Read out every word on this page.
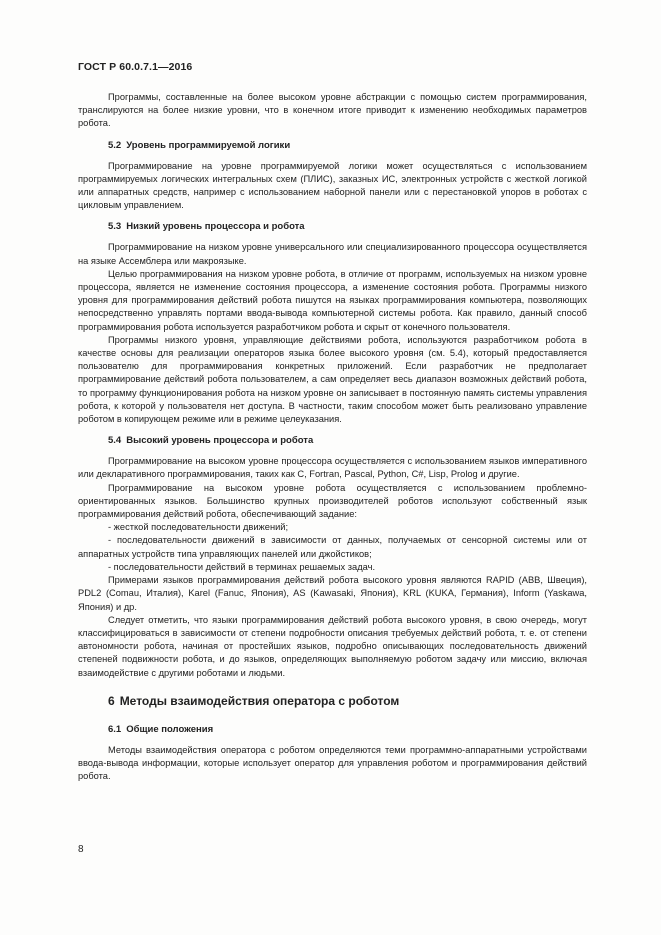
ГОСТ Р 60.0.7.1—2016

Программы, составленные на более высоком уровне абстракции с помощью систем программирования, транслируются на более низкие уровни, что в конечном итоге приводит к изменению необходимых параметров робота.

5.2 Уровень программируемой логики

Программирование на уровне программируемой логики может осуществляться с использованием программируемых логических интегральных схем (ПЛИС), заказных ИС, электронных устройств с жесткой логикой или аппаратных средств, например с использованием наборной панели или с перестановкой упоров в роботах с цикловым управлением.

5.3 Низкий уровень процессора и робота

Программирование на низком уровне универсального или специализированного процессора осуществляется на языке Ассемблера или макроязыке.

Целью программирования на низком уровне робота, в отличие от программ, используемых на низком уровне процессора, является не изменение состояния процессора, а изменение состояния робота. Программы низкого уровня для программирования действий робота пишутся на языках программирования компьютера, позволяющих непосредственно управлять портами ввода-вывода компьютерной системы робота. Как правило, данный способ программирования робота используется разработчиком робота и скрыт от конечного пользователя.

Программы низкого уровня, управляющие действиями робота, используются разработчиком робота в качестве основы для реализации операторов языка более высокого уровня (см. 5.4), который предоставляется пользователю для программирования конкретных приложений. Если разработчик не предполагает программирование действий робота пользователем, а сам определяет весь диапазон возможных действий робота, то программу функционирования робота на низком уровне он записывает в постоянную память системы управления робота, к которой у пользователя нет доступа. В частности, таким способом может быть реализовано управление роботом в копирующем режиме или в режиме целеуказания.

5.4 Высокий уровень процессора и робота

Программирование на высоком уровне процессора осуществляется с использованием языков императивного или декларативного программирования, таких как C, Fortran, Pascal, Python, C#, Lisp, Prolog и другие.

Программирование на высоком уровне робота осуществляется с использованием проблемно-ориентированных языков. Большинство крупных производителей роботов используют собственный язык программирования действий робота, обеспечивающий задание:

- жесткой последовательности движений;

- последовательности движений в зависимости от данных, получаемых от сенсорной системы или от аппаратных устройств типа управляющих панелей или джойстиков;

- последовательности действий в терминах решаемых задач.

Примерами языков программирования действий робота высокого уровня являются RAPID (ABB, Швеция), PDL2 (Comau, Италия), Karel (Fanuc, Япония), AS (Kawasaki, Япония), KRL (KUKA, Германия), Inform (Yaskawa, Япония) и др.

Следует отметить, что языки программирования действий робота высокого уровня, в свою очередь, могут классифицироваться в зависимости от степени подробности описания требуемых действий робота, т. е. от степени автономности робота, начиная от простейших языков, подробно описывающих последовательность движений степеней подвижности робота, и до языков, определяющих выполняемую роботом задачу или миссию, включая взаимодействие с другими роботами и людьми.

6 Методы взаимодействия оператора с роботом
6.1 Общие положения

Методы взаимодействия оператора с роботом определяются теми программно-аппаратными устройствами ввода-вывода информации, которые использует оператор для управления роботом и программирования действий робота.

8
